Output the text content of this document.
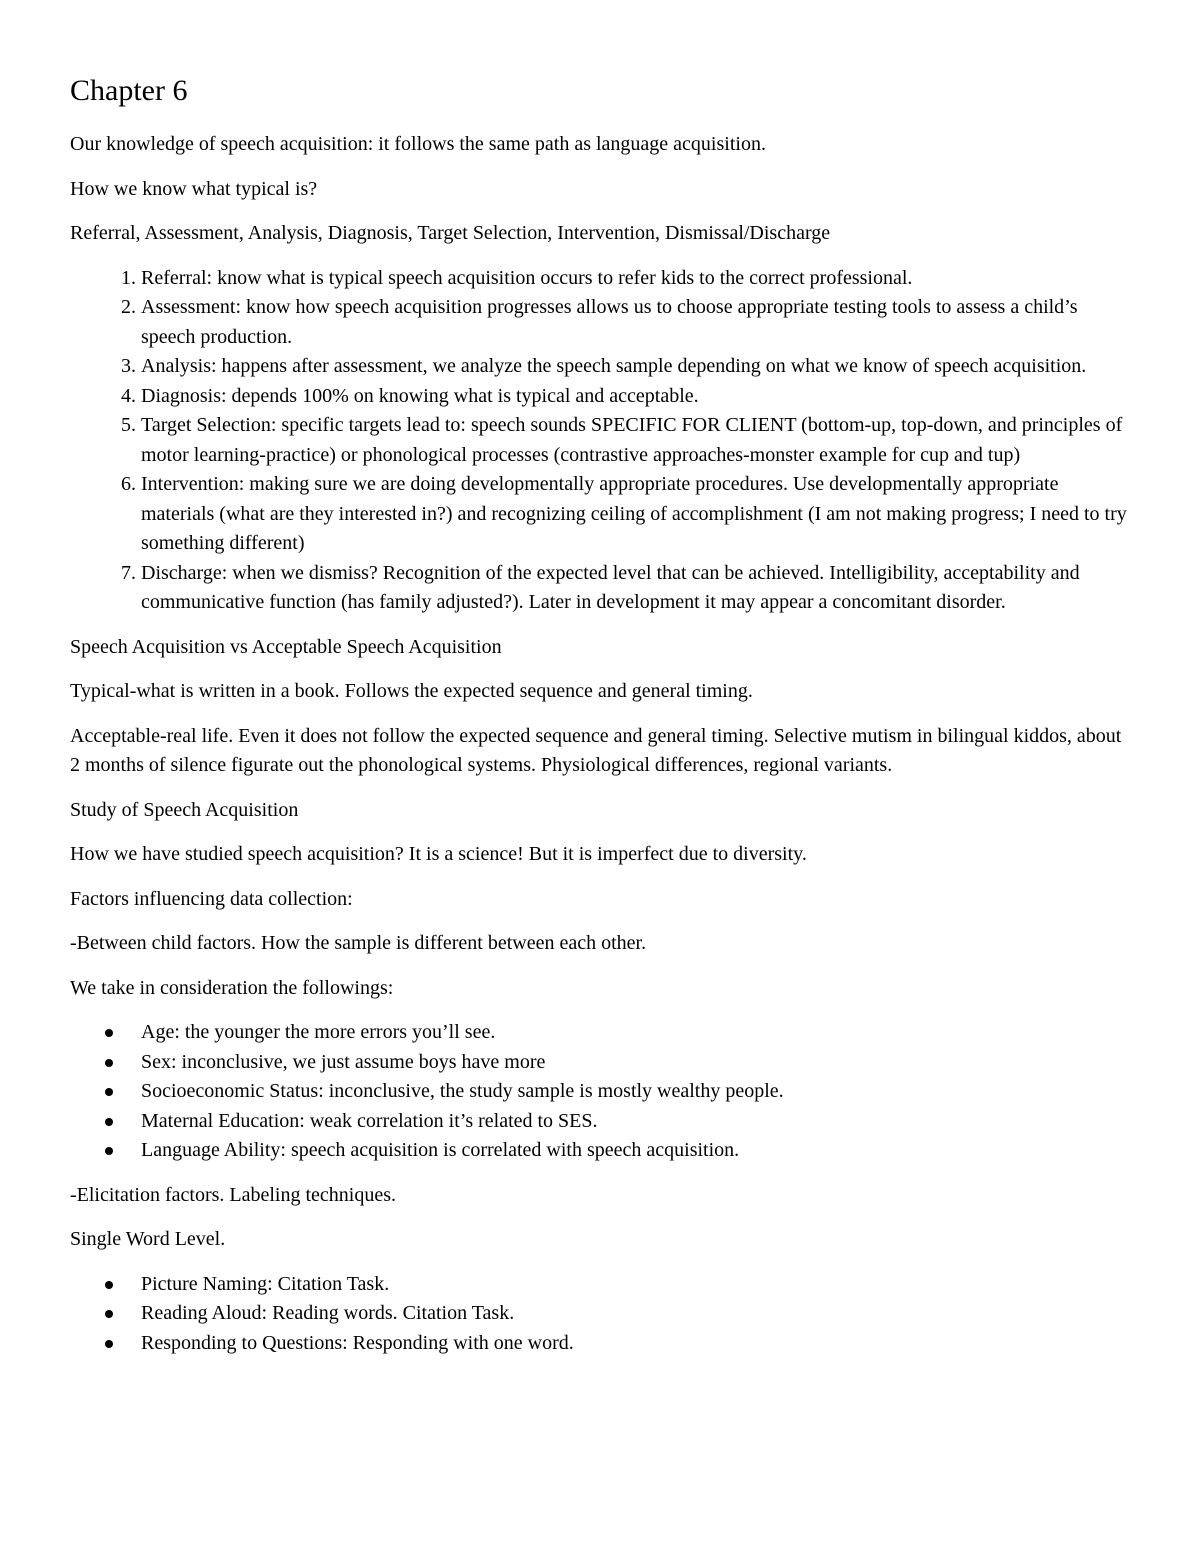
Chapter 6

Our knowledge of speech acquisition: it follows the same path as language acquisition.

How we know what typical is?

Referral, Assessment, Analysis, Diagnosis, Target Selection, Intervention, Dismissal/Discharge

1. Referral: know what is typical speech acquisition occurs to refer kids to the correct professional.
2. Assessment: know how speech acquisition progresses allows us to choose appropriate testing tools to assess a child’s speech production.
3. Analysis: happens after assessment, we analyze the speech sample depending on what we know of speech acquisition.
4. Diagnosis: depends 100% on knowing what is typical and acceptable.
5. Target Selection: specific targets lead to: speech sounds SPECIFIC FOR CLIENT (bottom-up, top-down, and principles of motor learning-practice) or phonological processes (contrastive approaches-monster example for cup and tup)
6. Intervention: making sure we are doing developmentally appropriate procedures. Use developmentally appropriate materials (what are they interested in?) and recognizing ceiling of accomplishment (I am not making progress; I need to try something different)
7. Discharge: when we dismiss? Recognition of the expected level that can be achieved. Intelligibility, acceptability and communicative function (has family adjusted?). Later in development it may appear a concomitant disorder.

Speech Acquisition vs Acceptable Speech Acquisition

Typical-what is written in a book. Follows the expected sequence and general timing.

Acceptable-real life. Even it does not follow the expected sequence and general timing. Selective mutism in bilingual kiddos, about 2 months of silence figurate out the phonological systems. Physiological differences, regional variants.

Study of Speech Acquisition

How we have studied speech acquisition? It is a science! But it is imperfect due to diversity.

Factors influencing data collection:

-Between child factors. How the sample is different between each other.

We take in consideration the followings:

Age: the younger the more errors you’ll see.
Sex: inconclusive, we just assume boys have more
Socioeconomic Status: inconclusive, the study sample is mostly wealthy people.
Maternal Education: weak correlation it’s related to SES.
Language Ability: speech acquisition is correlated with speech acquisition.

-Elicitation factors. Labeling techniques.

Single Word Level.

Picture Naming: Citation Task.
Reading Aloud: Reading words. Citation Task.
Responding to Questions: Responding with one word.
